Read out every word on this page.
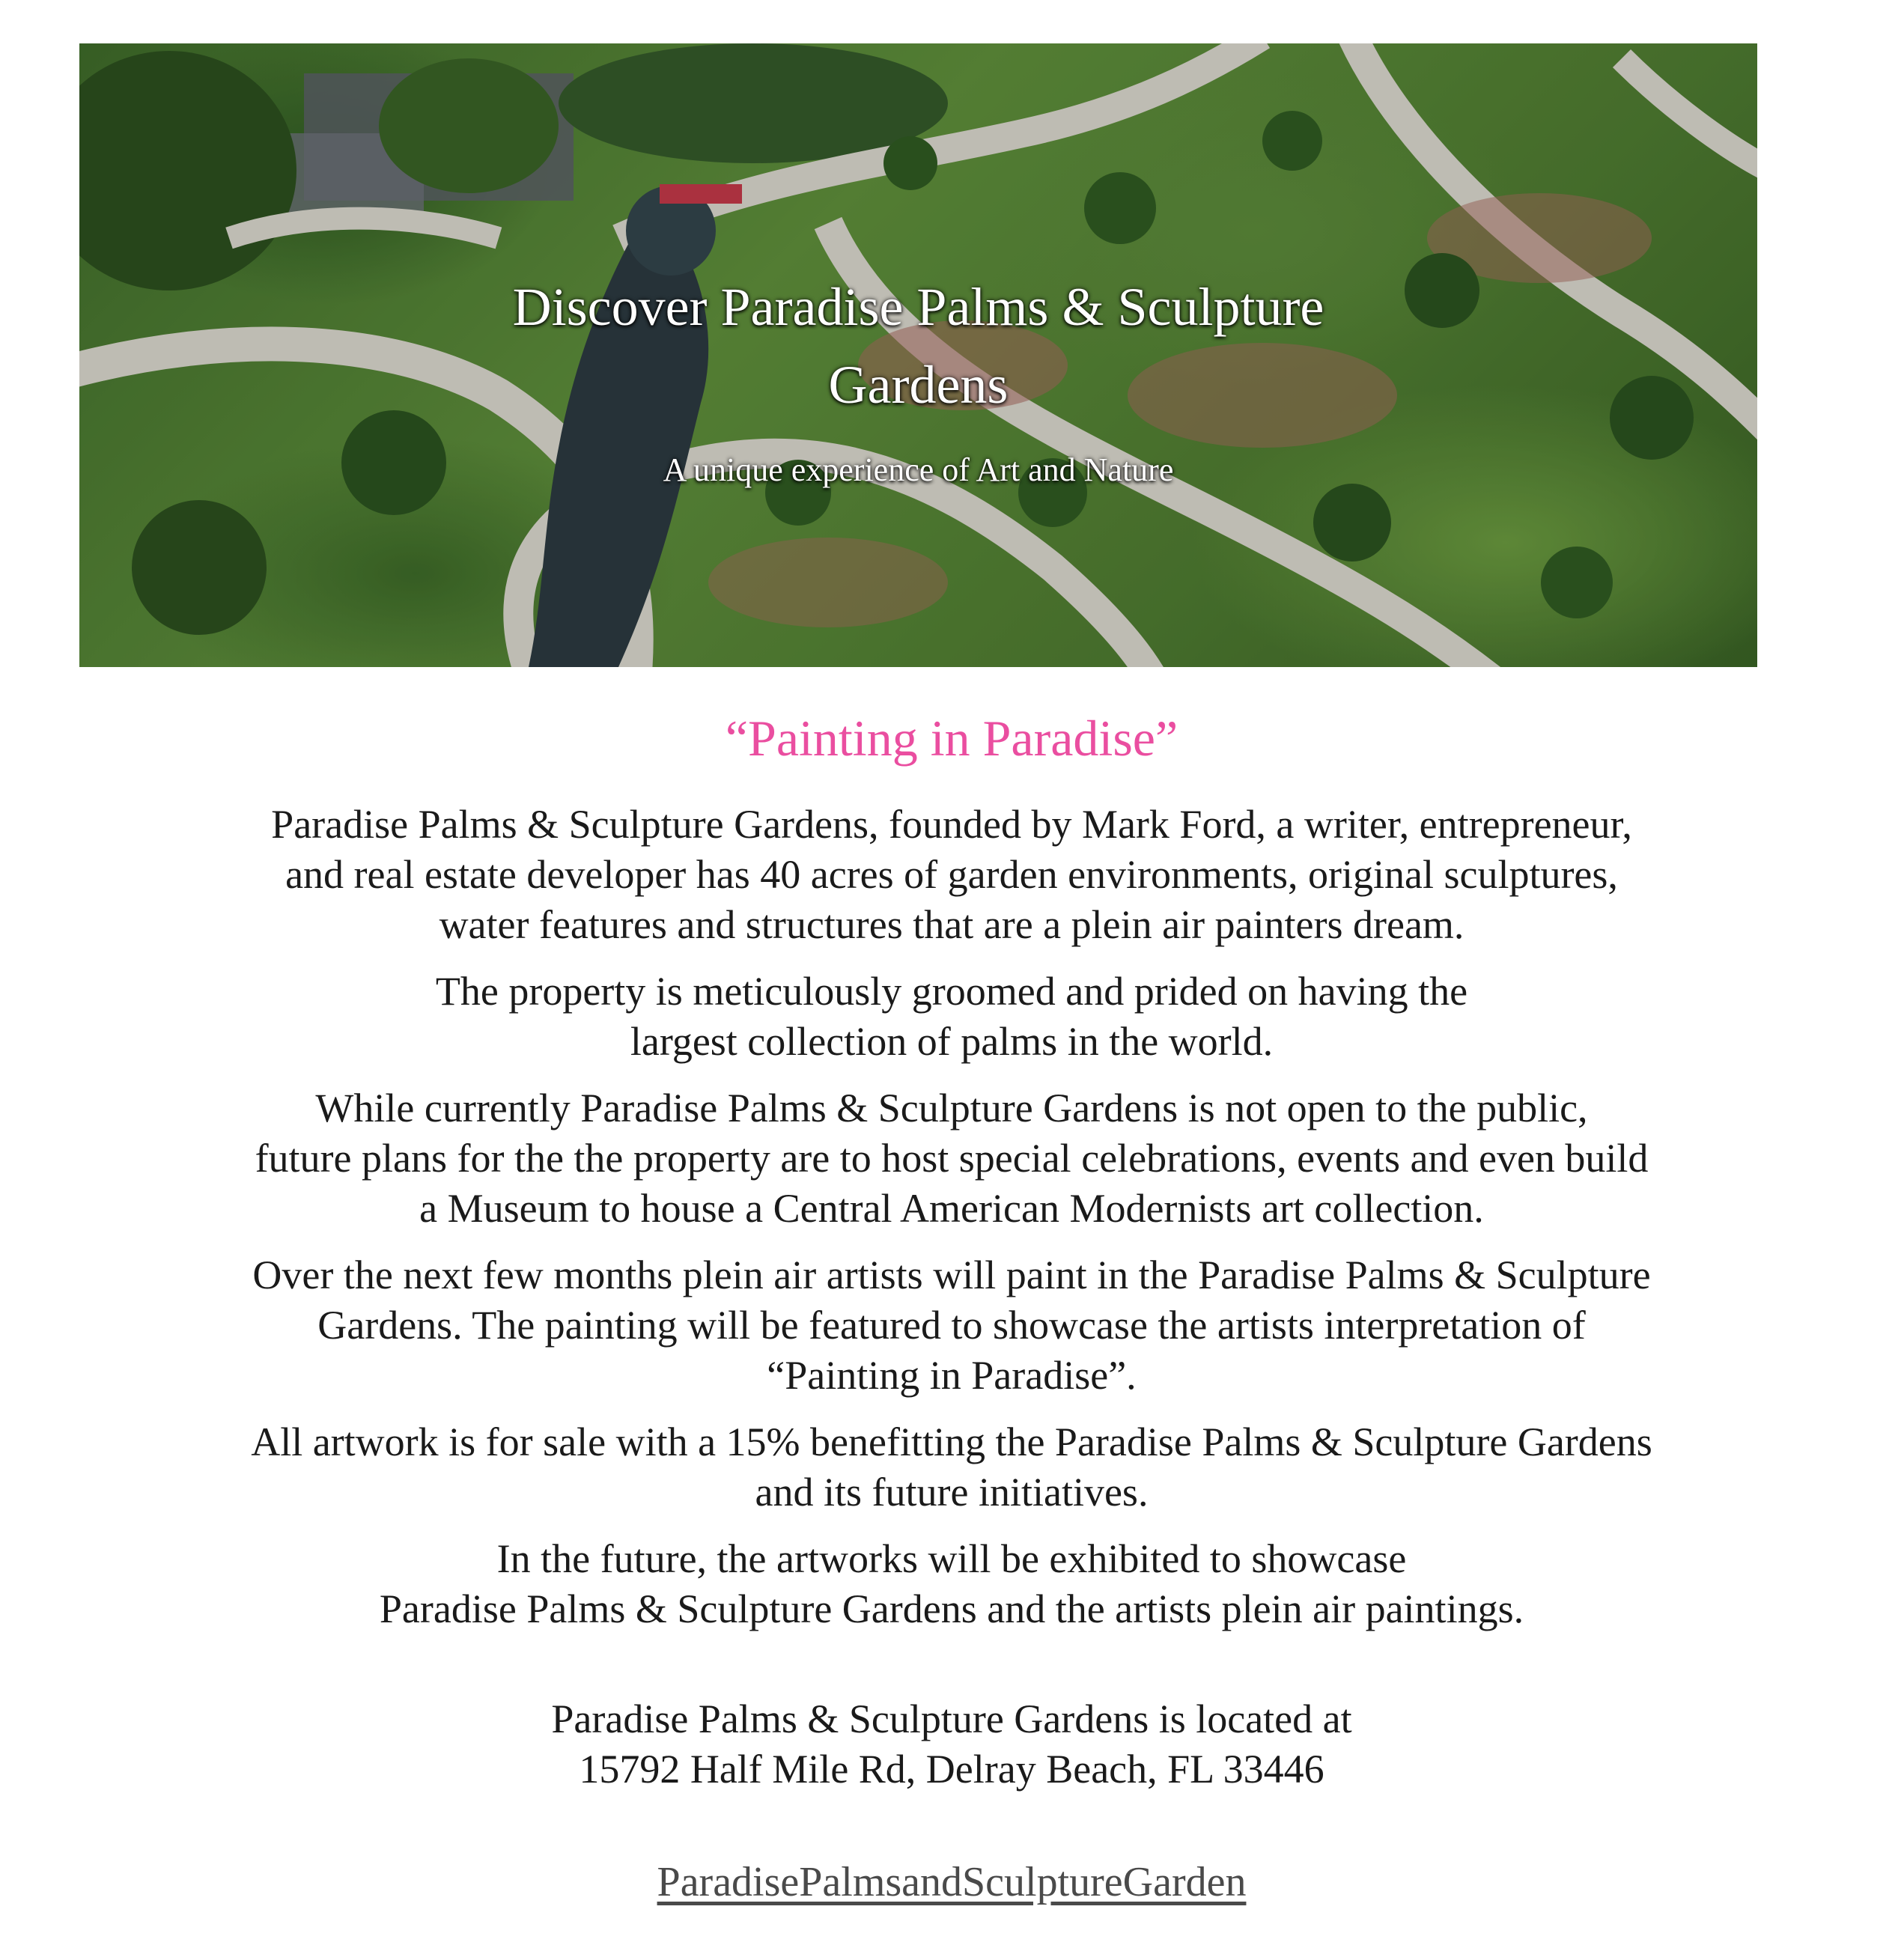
Discover Paradise Palms & Sculpture Gardens
A unique experience of Art and Nature
“Painting in Paradise”

Paradise Palms & Sculpture Gardens, founded by Mark Ford, a writer, entrepreneur,
and real estate developer has 40 acres of garden environments, original sculptures,
water features and structures that are a plein air painters dream.

The property is meticulously groomed and prided on having the
largest collection of palms in the world.

While currently Paradise Palms & Sculpture Gardens is not open to the public,
future plans for the the property are to host special celebrations, events and even build
a Museum to house a Central American Modernists art collection.

Over the next few months plein air artists will paint in the Paradise Palms & Sculpture
Gardens. The painting will be featured to showcase the artists interpretation of
“Painting in Paradise”.

All artwork is for sale with a 15% benefitting the Paradise Palms & Sculpture Gardens
and its future initiatives.

In the future, the artworks will be exhibited to showcase
Paradise Palms & Sculpture Gardens and the artists plein air paintings.

Paradise Palms & Sculpture Gardens is located at
15792 Half Mile Rd, Delray Beach, FL 33446

ParadisePalmsandSculptureGarden
